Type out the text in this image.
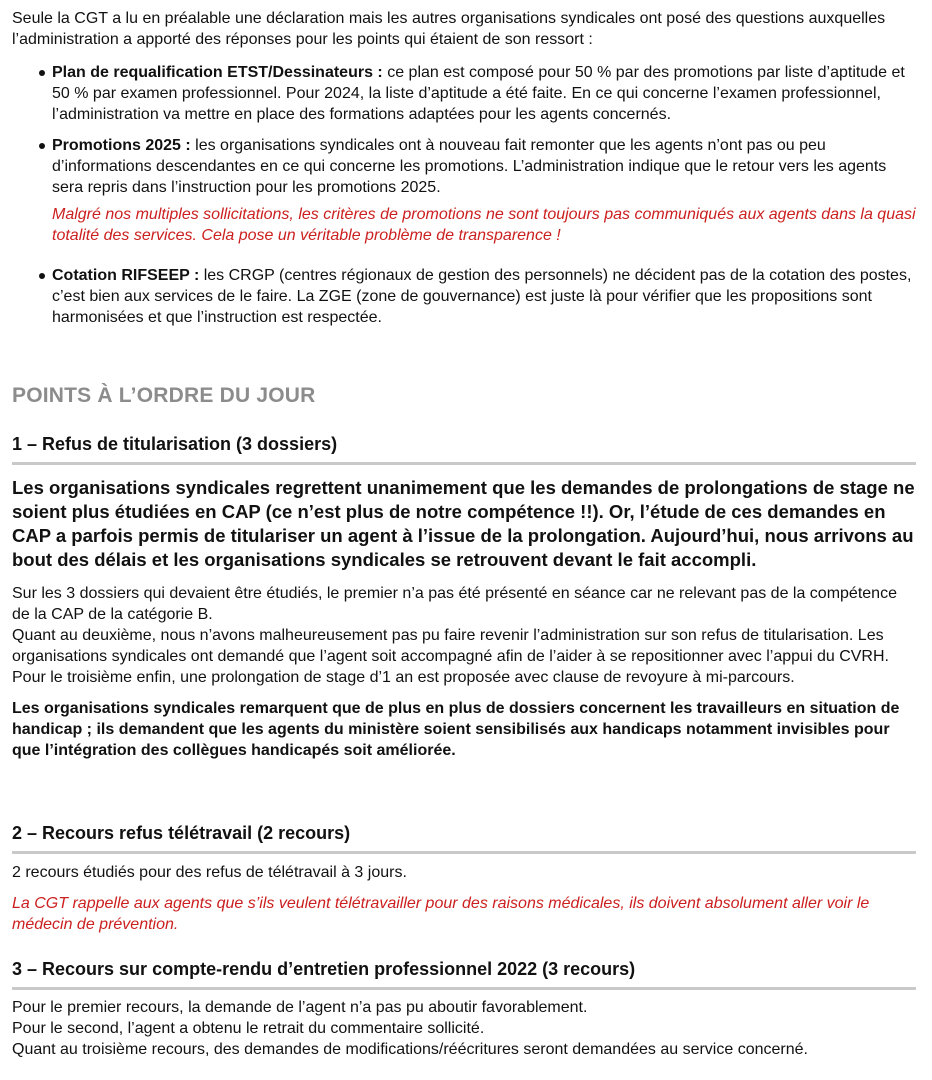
Seule la CGT a lu en préalable une déclaration mais les autres organisations syndicales ont posé des questions auxquelles l’administration a apporté des réponses pour les points qui étaient de son ressort :

Plan de requalification ETST/Dessinateurs : ce plan est composé pour 50 % par des promotions par liste d’aptitude et 50 % par examen professionnel. Pour 2024, la liste d’aptitude a été faite. En ce qui concerne l’examen professionnel, l’administration va mettre en place des formations adaptées pour les agents concernés.
Promotions 2025 : les organisations syndicales ont à nouveau fait remonter que les agents n’ont pas ou peu d’informations descendantes en ce qui concerne les promotions. L’administration indique que le retour vers les agents sera repris dans l’instruction pour les promotions 2025.

Malgré nos multiples sollicitations, les critères de promotions ne sont toujours pas communiqués aux agents dans la quasi totalité des services. Cela pose un véritable problème de transparence !

Cotation RIFSEEP : les CRGP (centres régionaux de gestion des personnels) ne décident pas de la cotation des postes, c’est bien aux services de le faire. La ZGE (zone de gouvernance) est juste là pour vérifier que les propositions sont harmonisées et que l’instruction est respectée.
POINTS À L’ORDRE DU JOUR
1 – Refus de titularisation (3 dossiers)

Les organisations syndicales regrettent unanimement que les demandes de prolongations de stage ne soient plus étudiées en CAP (ce n’est plus de notre compétence !!). Or, l’étude de ces demandes en CAP a parfois permis de titulariser un agent à l’issue de la prolongation. Aujourd’hui, nous arrivons au bout des délais et les organisations syndicales se retrouvent devant le fait accompli.

Sur les 3 dossiers qui devaient être étudiés, le premier n’a pas été présenté en séance car ne relevant pas de la compétence de la CAP de la catégorie B.

Quant au deuxième, nous n’avons malheureusement pas pu faire revenir l’administration sur son refus de titularisation. Les organisations syndicales ont demandé que l’agent soit accompagné afin de l’aider à se repositionner avec l’appui du CVRH.

Pour le troisième enfin, une prolongation de stage d’1 an est proposée avec clause de revoyure à mi-parcours.

Les organisations syndicales remarquent que de plus en plus de dossiers concernent les travailleurs en situation de handicap ; ils demandent que les agents du ministère soient sensibilisés aux handicaps notamment invisibles pour que l’intégration des collègues handicapés soit améliorée.

2 – Recours refus télétravail (2 recours)

2 recours étudiés pour des refus de télétravail à 3 jours.

La CGT rappelle aux agents que s’ils veulent télétravailler pour des raisons médicales, ils doivent absolument aller voir le médecin de prévention.

3 – Recours sur compte-rendu d’entretien professionnel 2022 (3 recours)

Pour le premier recours, la demande de l’agent n’a pas pu aboutir favorablement.

Pour le second, l’agent a obtenu le retrait du commentaire sollicité.

Quant au troisième recours, des demandes de modifications/réécritures seront demandées au service concerné.
